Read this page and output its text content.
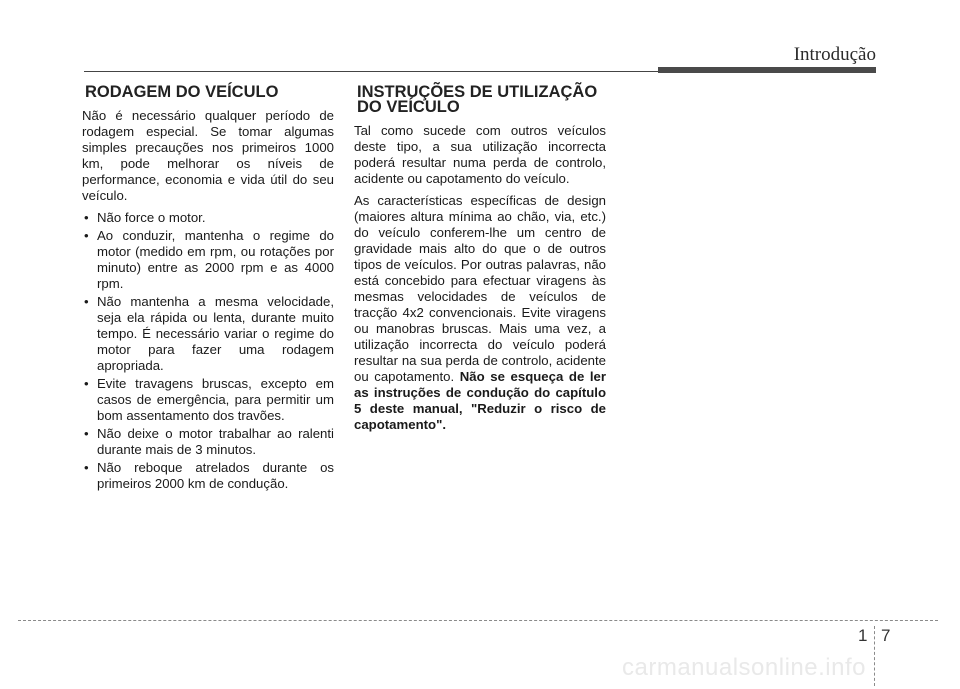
Introdução
RODAGEM DO VEÍCULO

Não é necessário qualquer período de rodagem especial. Se tomar algumas simples precauções nos primeiros 1000 km, pode melhorar os níveis de performance, economia e vida útil do seu veículo.

• Não force o motor.
• Ao conduzir, mantenha o regime do motor (medido em rpm, ou rotações por minuto) entre as 2000 rpm e as 4000 rpm.
• Não mantenha a mesma velocidade, seja ela rápida ou lenta, durante muito tempo. É necessário variar o regime do motor para fazer uma rodagem apropriada.
• Evite travagens bruscas, excepto em casos de emergência, para permitir um bom assentamento dos travões.
• Não deixe o motor trabalhar ao ralenti durante mais de 3 minutos.
• Não reboque atrelados durante os primeiros 2000 km de condução.
INSTRUÇÕES DE UTILIZAÇÃO DO VEÍCULO

Tal como sucede com outros veículos deste tipo, a sua utilização incorrecta poderá resultar numa perda de controlo, acidente ou capotamento do veículo.

As características específicas de design (maiores altura mínima ao chão, via, etc.) do veículo conferem-lhe um centro de gravidade mais alto do que o de outros tipos de veículos. Por outras palavras, não está concebido para efectuar viragens às mesmas velocidades de veículos de tracção 4x2 convencionais. Evite viragens ou manobras bruscas. Mais uma vez, a utilização incorrecta do veículo poderá resultar na sua perda de controlo, acidente ou capotamento. Não se esqueça de ler as instruções de condução do capítulo 5 deste manual, "Reduzir o risco de capotamento".

1 7
carmanualsonline.info
